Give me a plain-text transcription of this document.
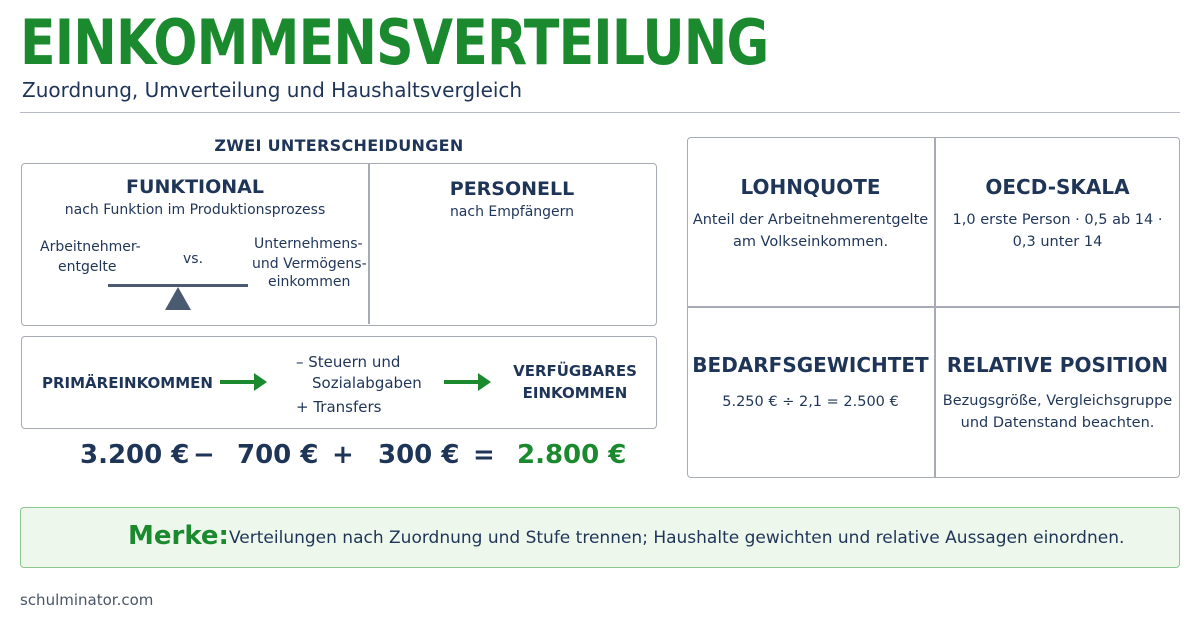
EINKOMMENSVERTEILUNG
Zuordnung, Umverteilung und Haushaltsvergleich
ZWEI UNTERSCHEIDUNGEN
FUNKTIONAL
nach Funktion im Produktionsprozess
Arbeitnehmer-
entgelte	vs.
Unternehmens-
und Vermögens-
einkommen
PERSONELL
nach Empfängern
PRIMÄREINKOMMEN
– Steuern und
Sozialabgaben
+ Transfers
VERFÜGBARES
EINKOMMEN
3.200 € − 700 € + 300 € = 2.800 €
LOHNQUOTE
Anteil der Arbeitnehmerentgelte
am Volkseinkommen.
OECD-SKALA
1,0 erste Person · 0,5 ab 14 ·
0,3 unter 14
BEDARFSGEWICHTET
5.250 € ÷ 2,1 = 2.500 €
RELATIVE POSITION
Bezugsgröße, Vergleichsgruppe
und Datenstand beachten.
Merke: Verteilungen nach Zuordnung und Stufe trennen; Haushalte gewichten und relative Aussagen einordnen.
schulminator.com
